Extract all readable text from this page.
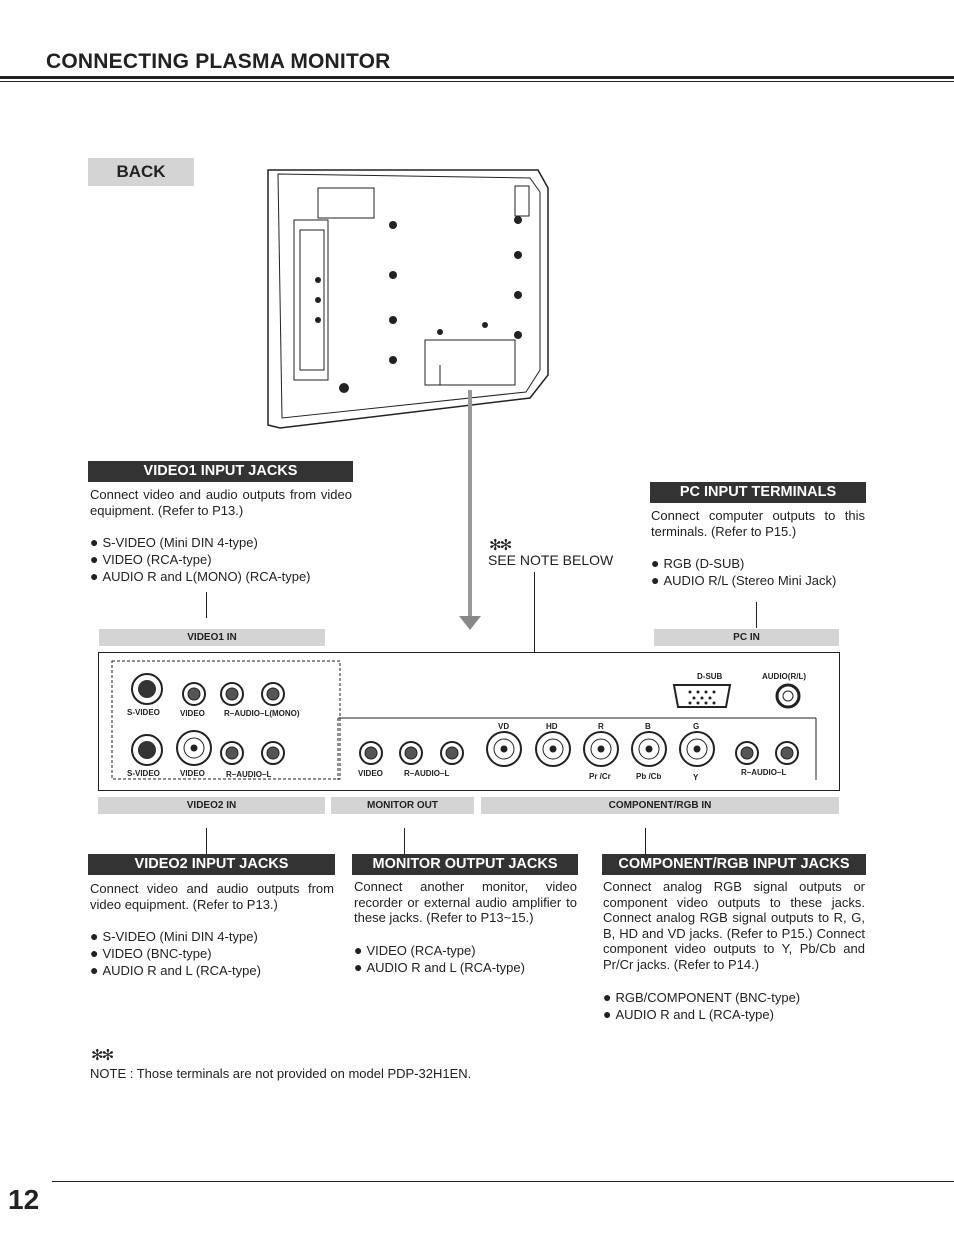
CONNECTING PLASMA MONITOR
BACK
VIDEO1 INPUT JACKS
Connect video and audio outputs from video equipment. (Refer to P13.)
● S-VIDEO (Mini DIN 4-type)
● VIDEO (RCA-type)
● AUDIO R and L(MONO) (RCA-type)
✻✻
SEE NOTE BELOW
PC INPUT TERMINALS
Connect computer outputs to this terminals. (Refer to P15.)
● RGB (D-SUB)
● AUDIO R/L (Stereo Mini Jack)
VIDEO1 IN	PC IN
S-VIDEO	VIDEO R–AUDIO–L(MONO)
S-VIDEO	VIDEO	R–AUDIO–L	VIDEO	R–AUDIO–L
VD	HD	R	B	G
Pr /Cr	Pb /Cb	Y
R–AUDIO–L
D-SUB	AUDIO(R/L)
VIDEO2 IN	MONITOR OUT	COMPONENT/RGB IN
VIDEO2 INPUT JACKS
Connect video and audio outputs from video equipment. (Refer to P13.)
● S-VIDEO (Mini DIN 4-type)
● VIDEO (BNC-type)
● AUDIO R and L (RCA-type)
MONITOR OUTPUT JACKS
Connect another monitor, video recorder or external audio amplifier to these jacks. (Refer to P13~15.)
● VIDEO (RCA-type)
● AUDIO R and L (RCA-type)
COMPONENT/RGB INPUT JACKS
Connect analog RGB signal outputs or component video outputs to these jacks. Connect analog RGB signal outputs to R, G, B, HD and VD jacks. (Refer to P15.) Connect component video outputs to Y, Pb/Cb and Pr/Cr jacks. (Refer to P14.)
● RGB/COMPONENT (BNC-type)
● AUDIO R and L (RCA-type)
✻✻
NOTE : Those terminals are not provided on model PDP-32H1EN.
12
